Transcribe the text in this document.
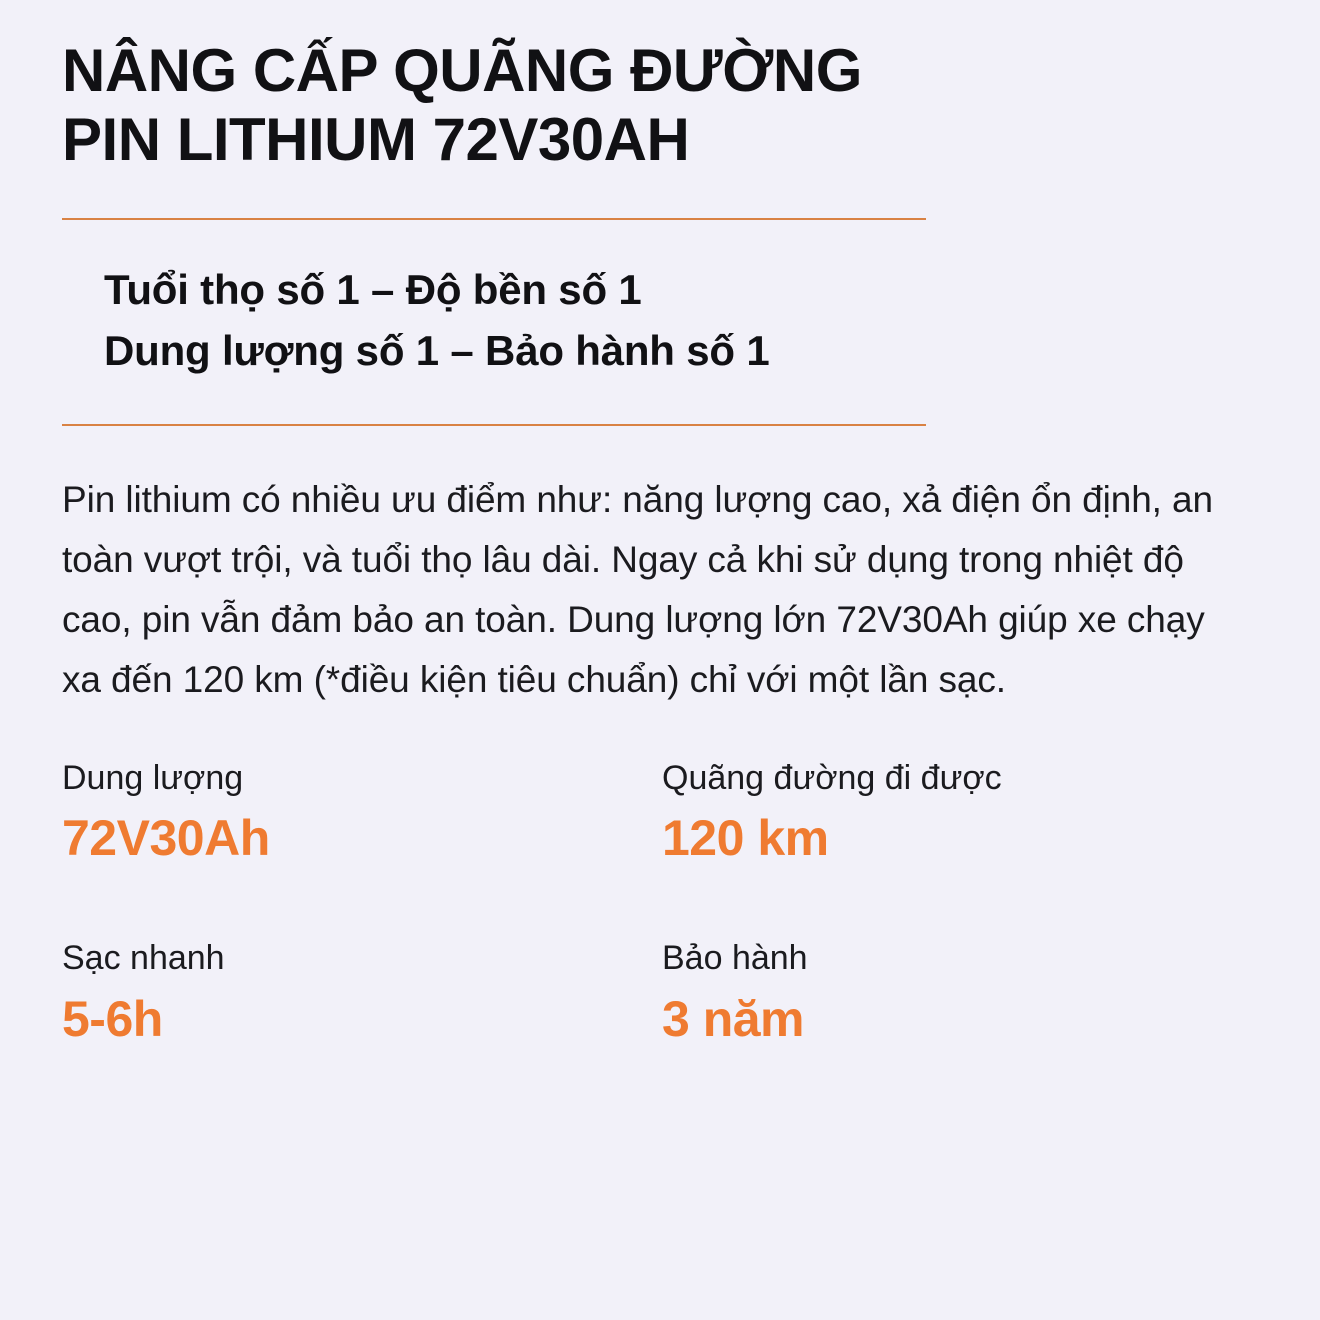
NÂNG CẤP QUÃNG ĐƯỜNG
PIN LITHIUM 72V30AH
Tuổi thọ số 1 – Độ bền số 1
Dung lượng số 1 – Bảo hành số 1

Pin lithium có nhiều ưu điểm như: năng lượng cao, xả điện ổn định, an toàn vượt trội, và tuổi thọ lâu dài. Ngay cả khi sử dụng trong nhiệt độ cao, pin vẫn đảm bảo an toàn. Dung lượng lớn 72V30Ah giúp xe chạy xa đến 120 km (*điều kiện tiêu chuẩn) chỉ với một lần sạc.

Dung lượng
72V30Ah
Quãng đường đi được
120 km
Sạc nhanh
5-6h
Bảo hành
3 năm
